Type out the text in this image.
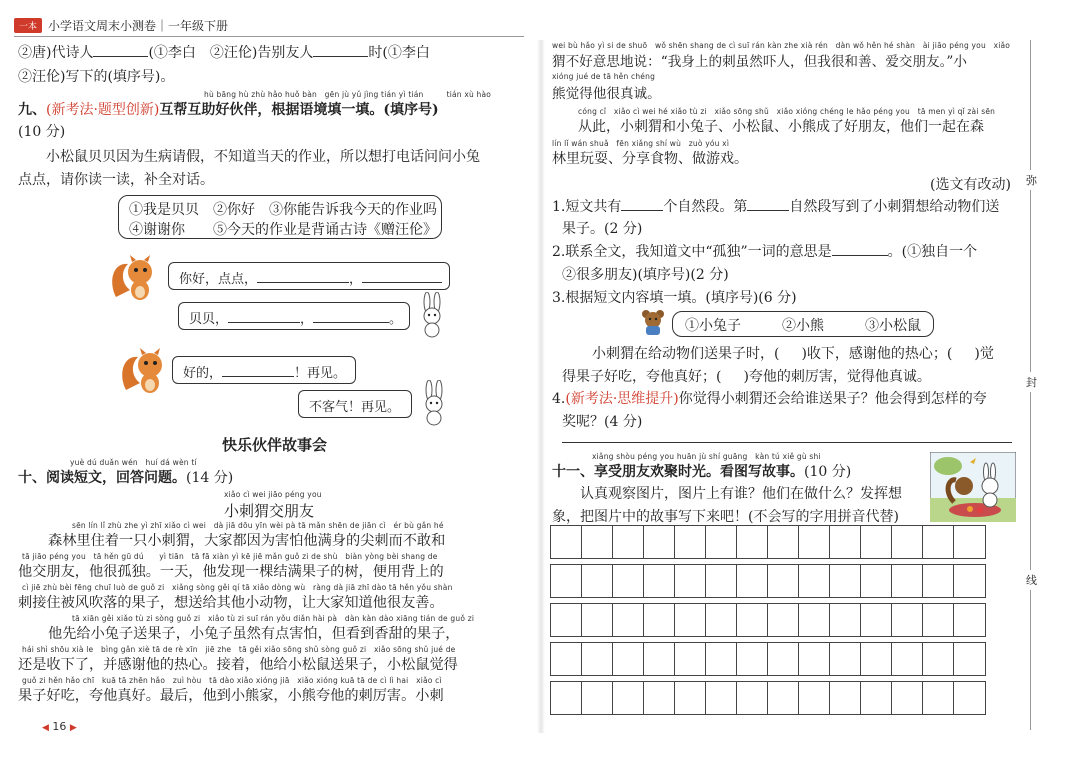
一本 小学语文周末小测卷｜一年级下册
②唐)代诗人	(①李白　②汪伦)告别友人	时(①李白
②汪伦)写下的(填序号)。
hù bāng hù zhù hǎo huǒ bàn　gēn jù yǔ jìng tián yì tián　　　tián xù hào
九、(新考法·题型创新)互帮互助好伙伴，根据语境填一填。(填序号)
(10 分)
小松鼠贝贝因为生病请假，不知道当天的作业，所以想打电话问问小兔
点点，请你读一读，补全对话。
①我是贝贝　②你好　③你能告诉我今天的作业吗
④谢谢你　　⑤今天的作业是背诵古诗《赠汪伦》
你好，点点，	，
贝贝，	，	。
好的，	！再见。
不客气！再见。
快乐伙伴故事会
yuè dú duǎn wén　huí dá wèn tí
十、阅读短文，回答问题。(14 分)
xiǎo cì wei jiāo péng you
小刺猬交朋友
sēn lín lǐ zhù zhe yì zhī xiǎo cì wei　dà jiā dōu yīn wèi pà tā mǎn shēn de jiān cì　ér bù gǎn hé
森林里住着一只小刺猬，大家都因为害怕他满身的尖刺而不敢和
tā jiāo péng you　tā hěn gū dú　　yì tiān　tā fā xiàn yì kē jiē mǎn guǒ zi de shù　biàn yòng bèi shang de
他交朋友，他很孤独。一天，他发现一棵结满果子的树，便用背上的
cì jiē zhù bèi fēng chuī luò de guǒ zi　xiǎng sòng gěi qí tā xiǎo dòng wù　ràng dà jiā zhī dào tā hěn yǒu shàn
刺接住被风吹落的果子，想送给其他小动物，让大家知道他很友善。
tā xiān gěi xiǎo tù zi sòng guǒ zi　xiǎo tù zi suī rán yǒu diǎn hài pà　dàn kàn dào xiāng tián de guǒ zi
他先给小兔子送果子，小兔子虽然有点害怕，但看到香甜的果子，
hái shì shōu xià le　bìng gǎn xiè tā de rè xīn　jiē zhe　tā gěi xiǎo sōng shǔ sòng guǒ zi　xiǎo sōng shǔ jué de
还是收下了，并感谢他的热心。接着，他给小松鼠送果子，小松鼠觉得
guǒ zi hěn hǎo chī　kuā tā zhēn hǎo　zuì hòu　tā dào xiǎo xióng jiā　xiǎo xióng kuā tā de cì lì hai　xiǎo cì
果子好吃，夸他真好。最后，他到小熊家，小熊夸他的刺厉害。小刺
◀ 16 ▶
wei bù hǎo yì si de shuō　wǒ shēn shang de cì suī rán kàn zhe xià rén　dàn wǒ hěn hé shàn　ài jiāo péng you　xiǎo
猬不好意思地说：“我身上的刺虽然吓人，但我很和善、爱交朋友。”小
xióng jué de tā hěn chéng
熊觉得他很真诚。
cóng cǐ　xiǎo cì wei hé xiǎo tù zi　xiǎo sōng shǔ　xiǎo xióng chéng le hǎo péng you　tā men yì qǐ zài sēn
从此，小刺猬和小兔子、小松鼠、小熊成了好朋友，他们一起在森
lín lǐ wán shuǎ　fēn xiǎng shí wù　zuò yóu xì
林里玩耍、分享食物、做游戏。
(选文有改动)
1.短文共有	个自然段。第	自然段写到了小刺猬想给动物们送
果子。(2 分)
2.联系全文，我知道文中“孤独”一词的意思是	。(①独自一个
②很多朋友)(填序号)(2 分)
3.根据短文内容填一填。(填序号)(6 分)
①小兔子	②小熊	③小松鼠
小刺猬在给动物们送果子时，( )收下，感谢他的热心；( )觉
得果子好吃，夸他真好；( )夸他的刺厉害，觉得他真诚。
4.(新考法·思维提升)你觉得小刺猬还会给谁送果子？他会得到怎样的夸
奖呢？(4 分)
xiǎng shòu péng you huān jù shí guāng　kàn tú xiě gù shi
十一、享受朋友欢聚时光。看图写故事。(10 分)
认真观察图片，图片上有谁？他们在做什么？发挥想
象，把图片中的故事写下来吧！(不会写的字用拼音代替)
弥
封
线
